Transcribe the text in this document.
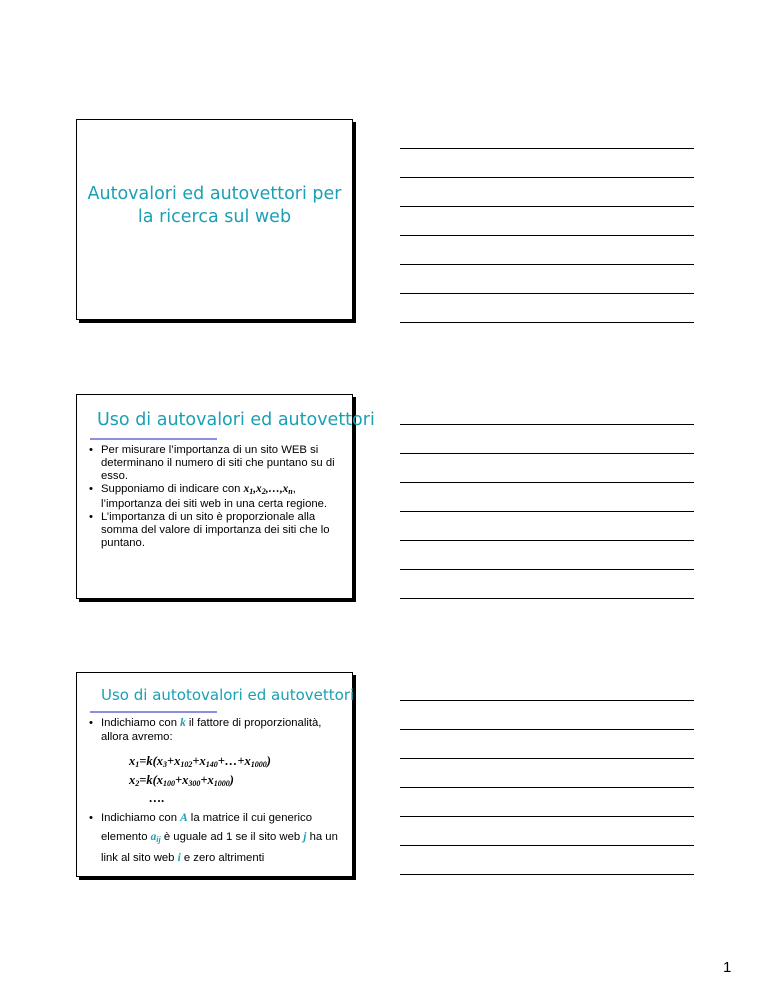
Autovalori ed autovettori per
la ricerca sul web
Uso di autovalori ed autovettori
• Per misurare l’importanza di un sito WEB si determinano il numero di siti che puntano su di esso.
• Supponiamo di indicare con $x_1,x_2,\dots,x_n$, l’importanza dei siti web in una certa regione.
• L’importanza di un sito è proporzionale alla somma del valore di importanza dei siti che lo puntano.
Uso di autotovalori ed autovettori
• Indichiamo con k il fattore di proporzionalità, allora avremo:
$x_1=k(x_3+x_{102}+x_{140}+\dots+x_{1000})$
$x_2=k(x_{100}+x_{300}+x_{1000})$
….
• Indichiamo con A la matrice il cui generico elemento $a_{ij}$ è uguale ad 1 se il sito web j ha un link al sito web i e zero altrimenti
1
